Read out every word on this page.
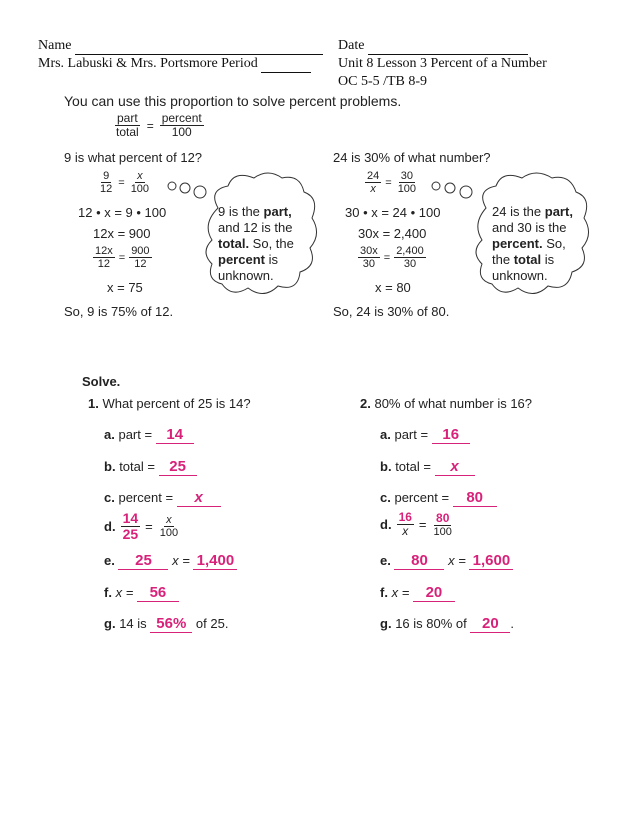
Name
Mrs. Labuski & Mrs. Portsmore Period
Date
Unit 8 Lesson 3 Percent of a Number
OC 5-5 /TB 8-9
You can use this proportion to solve percent problems.
$\frac{\text{part}}{\text{total}} = \frac{\text{percent}}{100}$
9 is what percent of 12?
$\frac{9}{12} = \frac{x}{100}$
12 • x = 9 • 100
12x = 900
$\frac{12x}{12} = \frac{900}{12}$
x = 75
So, 9 is 75% of 12.
9 is the part,
and 12 is the
total. So, the
percent is
unknown.
24 is 30% of what number?
$\frac{24}{x} = \frac{30}{100}$
30 • x = 24 • 100
30x = 2,400
$\frac{30x}{30} = \frac{2,400}{30}$
x = 80
So, 24 is 30% of 80.
24 is the part,
and 30 is the
percent. So,
the total is
unknown.
Solve.
1. What percent of 25 is 14?
a. part = 14
b. total = 25
c. percent = x
d. $\frac{14}{25} = \frac{x}{100}$
e. 25 x = 1,400
f. x = 56
g. 14 is 56% of 25.
2. 80% of what number is 16?
a. part = 16
b. total = x
c. percent = 80
d. $\frac{16}{x} = \frac{80}{100}$
e. 80 x = 1,600
f. x = 20
g. 16 is 80% of 20 .
